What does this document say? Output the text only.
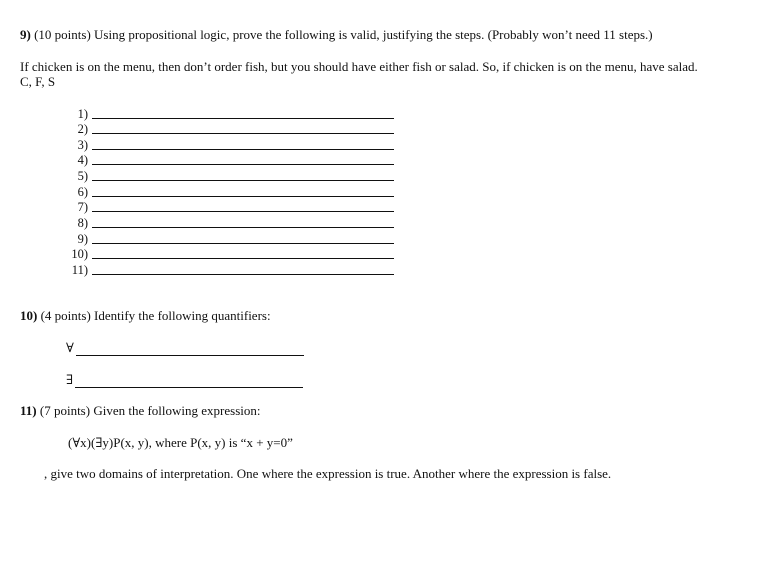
9) (10 points) Using propositional logic, prove the following is valid, justifying the steps. (Probably won’t need 11 steps.)
If chicken is on the menu, then don’t order fish, but you should have either fish or salad. So, if chicken is on the menu, have salad.
C, F, S
1)
2)
3)
4)
5)
6)
7)
8)
9)
10)
11)
10) (4 points) Identify the following quantifiers:
∀
∃
11) (7 points) Given the following expression:
(∀x)(∃y)P(x, y), where P(x, y) is “x + y=0”
, give two domains of interpretation. One where the expression is true. Another where the expression is false.
